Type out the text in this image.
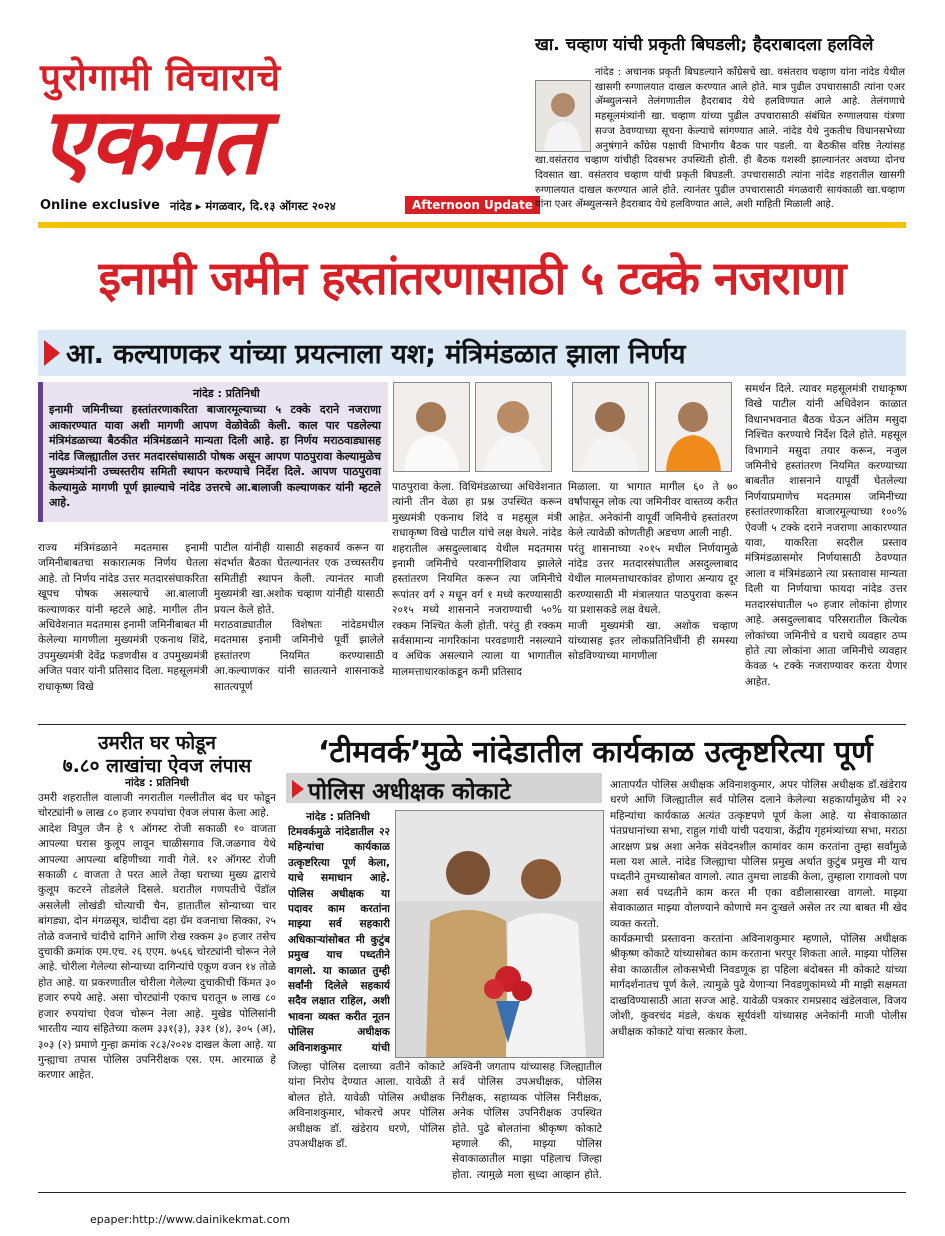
पुरोगामी विचाराचे
एकमत
Online exclusive नांदेड ▸ मंगळवार, दि.१३ ऑगस्ट २०२४	Afternoon Update
खा. चव्हाण यांची प्रकृती बिघडली; हैदराबादला हलविले
नांदेड : अचानक प्रकृती बिघडल्याने काँग्रेसचे खा. वसंतराव चव्हाण यांना नांदेड येथील खासगी रुग्णालयात दाखल करण्यात आले होते. मात्र पुढील उपचारासाठी त्यांना एअर ॲम्ब्युलन्सने तेलंगणातील हैदराबाद येथे हलविण्यात आले आहे. तेलंगणाचे महसूलमंत्र्यांनी खा. चव्हाण यांच्या पुढील उपचारासाठी संबंधित रुग्णालयास यंत्रणा सज्ज ठेवण्याच्या सूचना केल्याचे सांगण्यात आले. नांदेड येथे नुकतीच विधानसभेच्या अनुषंगाने काँग्रेस पक्षाची विभागीय बैठक पार पडली. या बैठकीस वरिष्ठ नेत्यांसह खा.वसंतराव चव्हाण यांचीही दिवसभर उपस्थिती होती. ही बैठक यशस्वी झाल्यानंतर अवघ्या दोनच दिवसात खा. वसंतराव चव्हाण यांची प्रकृती बिघडली. उपचारासाठी त्यांना नांदेड शहरातील खासगी रुग्णालयात दाखल करण्यात आले होते. त्यानंतर पुढील उपचारासाठी मंगळवारी सायंकाळी खा.चव्हाण यांना एअर ॲम्ब्युलन्सने हैदराबाद येथे हलविण्यात आले, अशी माहिती मिळाली आहे.
इनामी जमीन हस्तांतरणासाठी ५ टक्के नजराणा
आ. कल्याणकर यांच्या प्रयत्नाला यश; मंत्रिमंडळात झाला निर्णय
नांदेड : प्रतिनिधी
इनामी जमिनीच्या हस्तांतरणाकरिता बाजारमूल्याच्या ५ टक्के दराने नजराणा आकारण्यात यावा अशी मागणी आपण वेळोवेळी केली. काल पार पडलेल्या मंत्रिमंडळाच्या बैठकीत मंत्रिमंडळाने मान्यता दिली आहे. हा निर्णय मराठवाड्यासह नांदेड जिल्ह्यातील उत्तर मतदारसंघासाठी पोषक असून आपण पाठपुरावा केल्यामुळेच मुख्यमंत्र्यांनी उच्चस्तरीय समिती स्थापन करण्याचे निर्देश दिले. आपण पाठपुरावा केल्यामुळे मागणी पूर्ण झाल्याचे नांदेड उत्तरचे आ.बालाजी कल्याणकर यांनी म्हटले आहे.
राज्य मंत्रिमंडळाने मदतमास इनामी जमिनीबाबतचा सकारात्मक निर्णय घेतला आहे. तो निर्णय नांदेड उत्तर मतदारसंघाकरिता खूपच पोषक असल्याचे आ.बालाजी कल्याणकर यांनी म्हटले आहे. मागील तीन अधिवेशनात मदतमास इनामी जमिनीबाबत मी केलेल्या मागणीला मुख्यमंत्री एकनाथ शिंदे, उपमुख्यमंत्री देवेंद्र फडणवीस व उपमुख्यमंत्री अजित पवार यांनी प्रतिसाद दिला. महसूलमंत्री राधाकृष्ण विखे
पाटील यांनीही यासाठी सहकार्य करून या संदर्भात बैठका घेतल्यानंतर एक उच्चस्तरीय समितीही स्थापन केली. त्यानंतर माजी मुख्यमंत्री खा.अशोक चव्हाण यांनीही यासाठी प्रयत्न केले होते.
मराठवाड्यातील विशेषतः नांदेडमधील मदतमास इनामी जमिनीचे पूर्वी झालेले हस्तांतरण नियमित करण्यासाठी आ.कल्याणकर यांनी सातत्याने शासनाकडे सातत्यपूर्ण
पाठपुरावा केला. विधिमंडळाच्या अधिवेशनात त्यांनी तीन वेळा हा प्रश्न उपस्थित करून मुख्यमंत्री एकनाथ शिंदे व महसूल मंत्री राधाकृष्ण विखे पाटील यांचे लक्ष वेधले. नांदेड शहरातील असदुल्लाबाद येथील मदतमास इनामी जमिनीचे परवानगीशिवाय झालेले हस्तांतरण नियमित करून त्या जमिनीचे रूपांतर वर्ग २ मधून वर्ग १ मध्ये करण्यासाठी २०१५ मध्ये शासनाने नजराण्याची ५०% रक्कम निश्चित केली होती. परंतु ही रक्कम सर्वसामान्य नागरिकांना परवडणारी नसल्याने व अधिक असल्याने त्याला या भागातील मालमत्ताधारकांकडून कमी प्रतिसाद
मिळाला. या भागात मागील ६० ते ७० वर्षांपासून लोक त्या जमिनीवर वास्तव्य करीत आहेत. अनेकांनी वापूर्वी जमिनीचे हस्तांतरण केले त्यावेळी कोणतीही अडचण आली नाही.
परंतु शासनाच्या २०१५ मधील निर्णयामुळे नांदेड उत्तर मतदारसंघातील असदुल्लाबाद येथील मालमत्ताधारकांवर होणारा अन्याय दूर करण्यासाठी मी मंत्रालयात पाठपुरावा करून या प्रशासकडे लक्ष वेधले.
माजी मुख्यमंत्री खा. अशोक चव्हाण यांच्यासह इतर लोकप्रतिनिधींनी ही समस्या सोडविण्याच्या मागणीला
समर्थन दिले. त्यावर महसूलमंत्री राधाकृष्ण विखे पाटील यांनी अधिवेशन काळात विधानभवनात बैठक घेऊन अंतिम मसुदा निश्चित करण्याचे निर्देश दिले होते. महसूल विभागाने मसुदा तयार करून, नजुल जमिनीचे हस्तांतरण नियमित करण्याच्या बाबतीत शासनाने यापूर्वी घेतलेल्या निर्णयाप्रमाणेच मदतमास जमिनीच्या हस्तांतरणाकरिता बाजारमूल्याच्या १००% ऐवजी ५ टक्के दराने नजराणा आकारण्यात यावा, याकरिता सदरील प्रस्ताव मंत्रिमंडळासमोर निर्णयासाठी ठेवण्यात आला व मंत्रिमंडळाने त्या प्रस्तावास मान्यता दिली या निर्णयाचा फायदा नांदेड उत्तर मतदारसंघातील ५० हजार लोकांना होणार आहे. असदुल्लाबाद परिसरातील कित्येक लोकांच्या जमिनीचे व घराचे व्यवहार ठप्प होते त्या लोकांना आता जमिनीचे व्यवहार केवळ ५ टक्के नजराण्यावर करता येणार आहेत.
उमरीत घर फोडून
७.८० लाखांचा ऐवज लंपास
नांदेड : प्रतिनिधी
उमरी शहरातील वालाजी नगरातील गल्लीतील बंद घर फोडून चोरट्यांनी ७ लाख ८० हजार रुपयांचा ऐवज लंपास केला आहे.
आदेश विपुल जैन हे ९ ऑगस्ट रोजी सकाळी १० वाजता आपल्या घरास कुलूप लावून चाळीसगाव जि.जळगाव येथे आपल्या आपल्या बहिणीच्या गावी गेले. १२ ऑगस्ट रोजी सकाळी ८ वाजता ते परत आले तेव्हा घराच्या मुख्य द्वाराचे कुलूप कटरने तोडलेले दिसले. घरातील गणपतीचे पेंडॉल असलेली लोखंडी चोत्याची चैन, हातातील सोन्याच्या चार बांगड्या, दोन मंगळसूत्र, चांदीचा दहा ग्रॅम वजनाचा सिक्का, २५ तोळे वजनाचे चांदीचे दागिने आणि रोख रक्कम ३० हजार तसेच दुचाकी क्रमांक एम.एच. २६ एएम. ७५६६ चोरट्यांनी चोरून नेले आहे. चोरीला गेलेल्या सोन्याच्या दागिन्यांचे एकूण वजन १४ तोळे होत आहे. या प्रकरणातील चोरीला गेलेल्या दुचाकीची किंमत ३० हजार रुपये आहे. असा चोरट्यांनी एकाच घरातून ७ लाख ८० हजार रुपयांचा ऐवज चोरून नेला आहे. मुखेड पोलिसांनी भारतीय न्याय संहितेच्या कलम ३३१(३), ३३१ (४), ३०५ (अ), ३०३ (२) प्रमाणे गुन्हा क्रमांक २८३/२०२४ दाखल केला आहे. या गुन्ह्याचा तपास पोलिस उपनिरीक्षक एस. एम. आरमाळ हे करणार आहेत.
‘टीमवर्क’मुळे नांदेडातील कार्यकाळ उत्कृष्टरित्या पूर्ण
पोलिस अधीक्षक कोकाटे
नांदेड : प्रतिनिधी
टिमवर्कमुळे नांदेडातील २२ महिन्यांचा कार्यकाळ उत्कृष्टरित्या पूर्ण केला, याचे समाधान आहे. पोलिस अधीक्षक या पदावर काम करतांना माझ्या सर्व सहकारी अधिकाऱ्यांसोबत मी कुटुंब प्रमुख याच पध्दतीने वागलो. या काळात तुम्ही सर्वांनी दिलेले सहकार्य सदैव लक्षात राहिल, अशी भावना व्यक्त करीत नूतन पोलिस अधीक्षक अविनाशकुमार यांची
जिल्हा पोलिस दलाच्या वतीने कोकाटे यांना निरोप देण्यात आला. यावेळी ते बोलत होते. यावेळी पोलिस अधीक्षक अविनाशकुमार, भोकरचे अपर पोलिस अधीक्षक डॉ. खंडेराय धरणे, पोलिस उपअधीक्षक डॉ.
अश्विनी जगताप यांच्यासह जिल्ह्यातील सर्व पोलिस उपअधीक्षक, पोलिस निरीक्षक, सहाय्यक पोलिस निरीक्षक, अनेक पोलिस उपनिरीक्षक उपस्थित होते. पुढे बोलतांना श्रीकृष्ण कोकाटे म्हणाले की, माझ्या पोलिस सेवाकाळातील माझा पहिलाच जिल्हा होता. त्यामुळे मला सुध्दा आव्हान होते.
आतापर्यंत पोलिस अधीक्षक अविनाशकुमार, अपर पोलिस अधीक्षक डॉ.खंडेराय धरणे आणि जिल्ह्यातील सर्व पोलिस दलाने केलेल्या सहकार्यामुळेच मी २२ महिन्यांचा कार्यकाळ अत्यंत उत्कृष्टपणे पूर्ण केला आहे. या सेवाकाळात पंतप्रधानांच्या सभा, राहुल गांधी यांची पदयात्रा, केंद्रीय गृहमंत्र्यांच्या सभा, मराठा आरक्षण प्रश्न अशा अनेक संवेदनशील कामांवर काम करतांना तुम्हा सर्वांमुळे मला यश आले. नांदेड जिल्ह्याचा पोलिस प्रमुख अर्थात कुटुंब प्रमुख मी याच पध्दतीने तुमच्यासोबत वागलो. त्यात तुमचा लाडकी केला, तुम्हाला रागावलो पण अशा सर्व पध्दतीने काम करत मी एका वडीलासारखा वागलो. माझ्या सेवाकाळात माझ्या वोलण्याने कोणाचे मन दुःखले असेल तर त्या बाबत मी खेद व्यक्त करतो.
कार्यक्रमाची प्रस्तावना करतांना अविनाशकुमार म्हणाले, पोलिस अधीक्षक श्रीकृष्ण कोकाटे यांच्यासोबत काम करताना भरपूर शिकता आले. माझ्या पोलिस सेवा काळातील लोकसभेची निवडणूक हा पहिला बंदोबस्त मी कोकाटे यांच्या मार्गदर्शनातच पूर्ण केले. त्यामुळे पुढे येणाऱ्या निवडणुकांमध्ये मी माझी सक्षमता दाखविण्यासाठी आता सज्ज आहे. यावेळी पत्रकार रामप्रसाद खंडेलवाल, विजय जोशी, कुवरचंद मंडले, कंधक सूर्यवंशी यांच्यासह अनेकांनी माजी पोलीस अधीक्षक कोकाटे यांचा सत्कार केला.
epaper:http://www.dainikekmat.com
